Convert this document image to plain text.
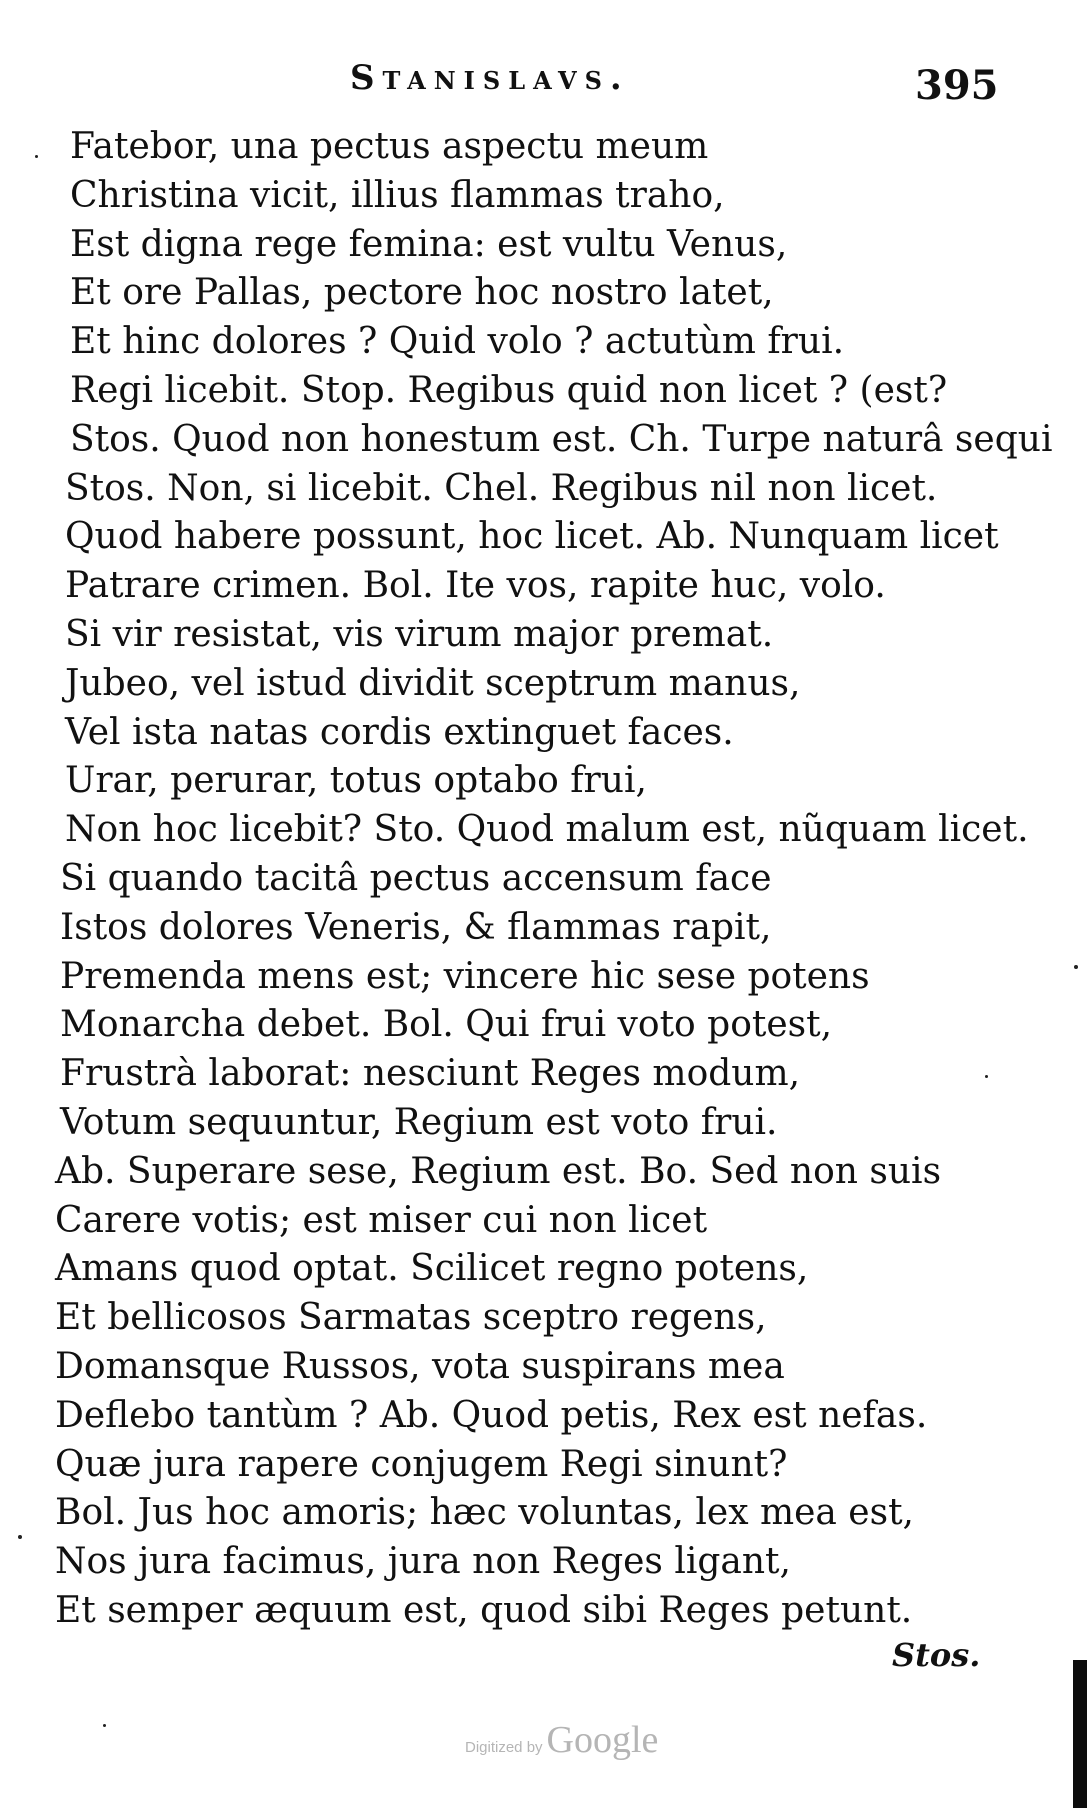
Stanislavs.	395
Fatebor, una pectus aspectu meum
Christina vicit, illius flammas traho,
Est digna rege femina: est vultu Venus,
Et ore Pallas, pectore hoc nostro latet,
Et hinc dolores ? Quid volo ? actutùm frui.
Regi licebit. Stop. Regibus quid non licet ? (est?
Stos. Quod non honestum est. Ch. Turpe naturâ sequi
Stos. Non, si licebit. Chel. Regibus nil non licet.
Quod habere possunt, hoc licet. Ab. Nunquam licet
Patrare crimen. Bol. Ite vos, rapite huc, volo.
Si vir resistat, vis virum major premat.
Jubeo, vel istud dividit sceptrum manus,
Vel ista natas cordis extinguet faces.
Urar, perurar, totus optabo frui,
Non hoc licebit? Sto. Quod malum est, nũquam licet.
Si quando tacitâ pectus accensum face
Istos dolores Veneris, & flammas rapit,
Premenda mens est; vincere hic sese potens
Monarcha debet. Bol. Qui frui voto potest,
Frustrà laborat: nesciunt Reges modum,
Votum sequuntur, Regium est voto frui.
Ab. Superare sese, Regium est. Bo. Sed non suis
Carere votis; est miser cui non licet
Amans quod optat. Scilicet regno potens,
Et bellicosos Sarmatas sceptro regens,
Domansque Russos, vota suspirans mea
Deflebo tantùm ? Ab. Quod petis, Rex est nefas.
Quæ jura rapere conjugem Regi sinunt?
Bol. Jus hoc amoris; hæc voluntas, lex mea est,
Nos jura facimus, jura non Reges ligant,
Et semper æquum est, quod sibi Reges petunt.
Stos.
Digitized by Google
